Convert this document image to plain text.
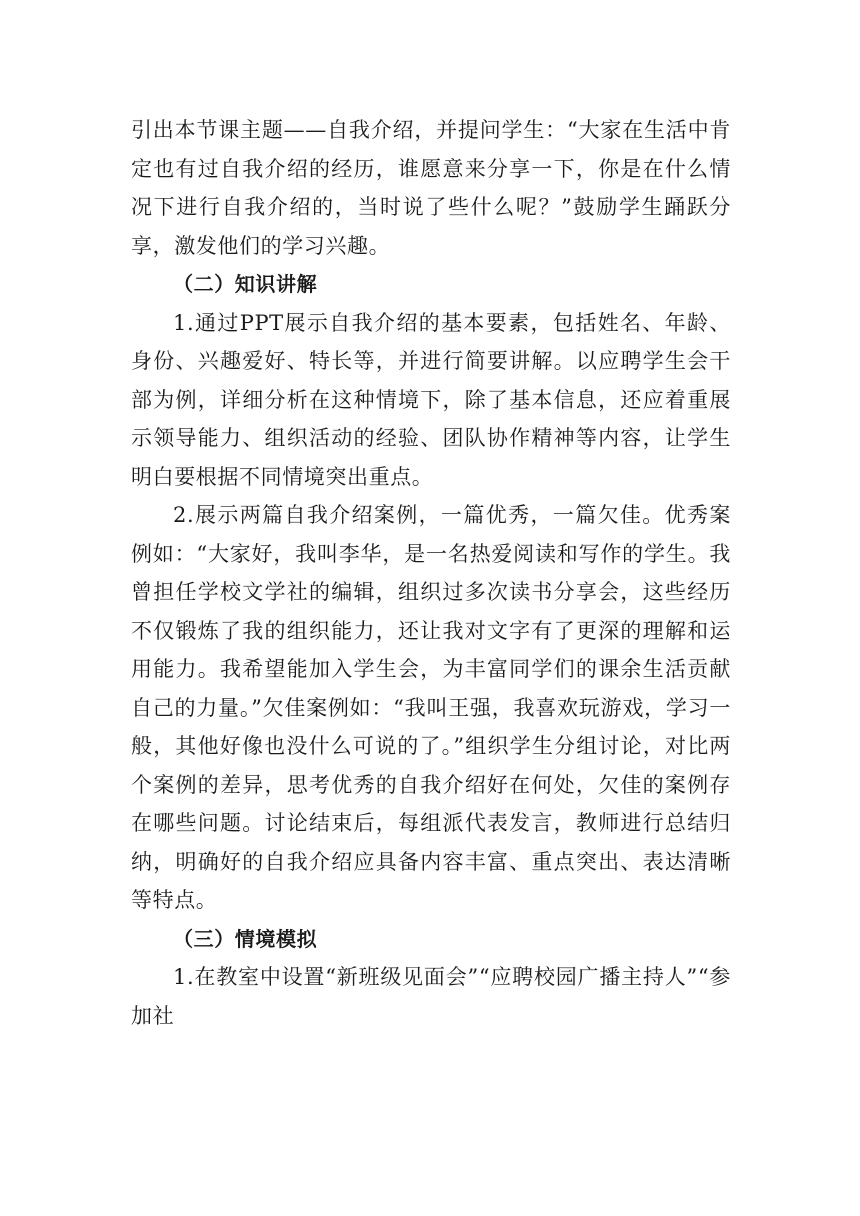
引出本节课主题——自我介绍，并提问学生：“大家在生活中肯定也有过自我介绍的经历，谁愿意来分享一下，你是在什么情况下进行自我介绍的，当时说了些什么呢？”鼓励学生踊跃分享，激发他们的学习兴趣。

（二）知识讲解

1.通过PPT展示自我介绍的基本要素，包括姓名、年龄、身份、兴趣爱好、特长等，并进行简要讲解。以应聘学生会干部为例，详细分析在这种情境下，除了基本信息，还应着重展示领导能力、组织活动的经验、团队协作精神等内容，让学生明白要根据不同情境突出重点。

2.展示两篇自我介绍案例，一篇优秀，一篇欠佳。优秀案例如：“大家好，我叫李华，是一名热爱阅读和写作的学生。我曾担任学校文学社的编辑，组织过多次读书分享会，这些经历不仅锻炼了我的组织能力，还让我对文字有了更深的理解和运用能力。我希望能加入学生会，为丰富同学们的课余生活贡献自己的力量。”欠佳案例如：“我叫王强，我喜欢玩游戏，学习一般，其他好像也没什么可说的了。”组织学生分组讨论，对比两个案例的差异，思考优秀的自我介绍好在何处，欠佳的案例存在哪些问题。讨论结束后，每组派代表发言，教师进行总结归纳，明确好的自我介绍应具备内容丰富、重点突出、表达清晰等特点。

（三）情境模拟

1.在教室中设置“新班级见面会”“应聘校园广播主持人”“参加社
